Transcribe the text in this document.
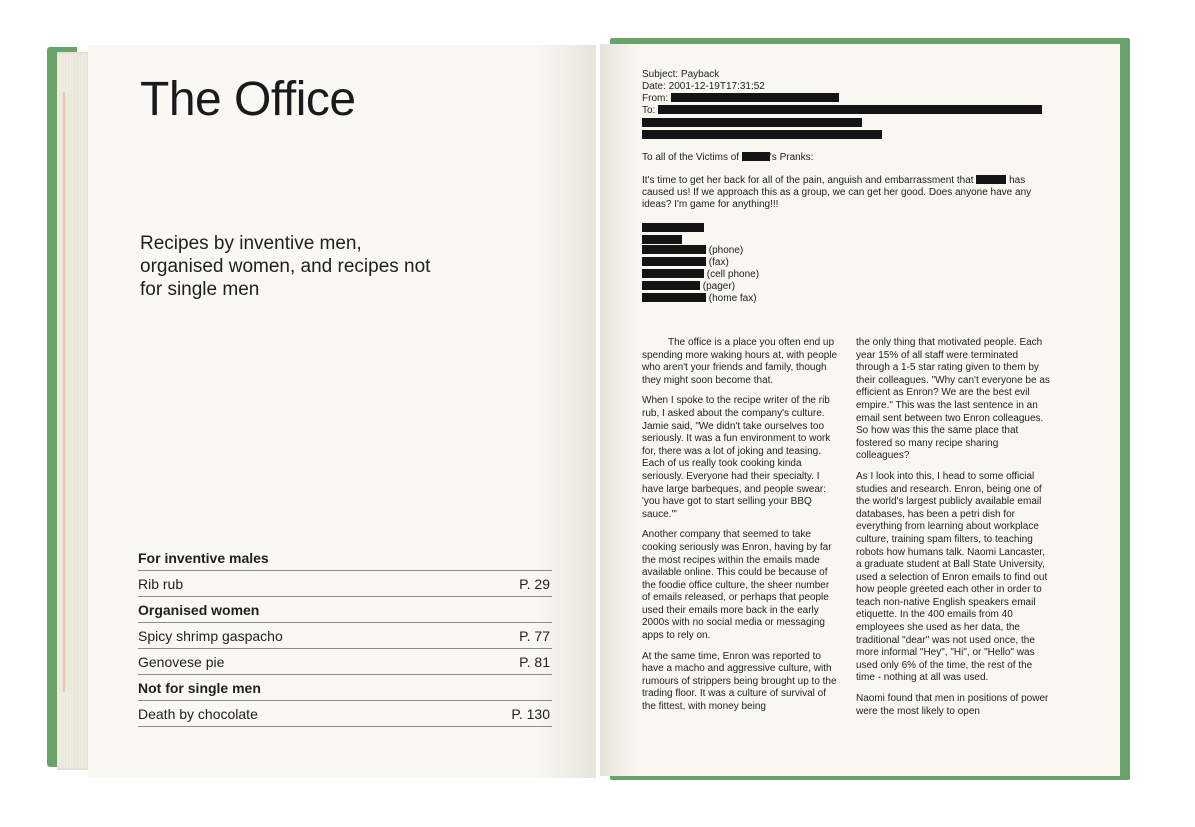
The Office

Recipes by inventive men, organised women, and recipes not for single men

For inventive males
Rib rub	P. 29
Organised women
Spicy shrimp gaspacho	P. 77
Genovese pie	P. 81
Not for single men
Death by chocolate	P. 130

Subject: Payback

Date: 2001-12-19T17:31:52

From:

To:

To all of the Victims of	's Pranks:

It's time to get her back for all of the pain, anguish and embarrassment that	has caused us! If we approach this as a group, we can get her good. Does anyone have any ideas? I'm game for anything!!!

(phone)
(fax)
(cell phone)
(pager)
(home fax)

The office is a place you often end up spending more waking hours at, with people who aren't your friends and family, though they might soon become that.

When I spoke to the recipe writer of the rib rub, I asked about the company's culture. Jamie said, "We didn't take ourselves too seriously. It was a fun environment to work for, there was a lot of joking and teasing. Each of us really took cooking kinda seriously. Everyone had their specialty. I have large barbeques, and people swear: 'you have got to start selling your BBQ sauce.'"

Another company that seemed to take cooking seriously was Enron, having by far the most recipes within the emails made available online. This could be because of the foodie office culture, the sheer number of emails released, or perhaps that people used their emails more back in the early 2000s with no social media or messaging apps to rely on.

At the same time, Enron was reported to have a macho and aggressive culture, with rumours of strippers being brought up to the trading floor. It was a culture of survival of the fittest, with money being

the only thing that motivated people. Each year 15% of all staff were terminated through a 1-5 star rating given to them by their colleagues. "Why can't everyone be as efficient as Enron? We are the best evil empire." This was the last sentence in an email sent between two Enron colleagues. So how was this the same place that fostered so many recipe sharing colleagues?

As I look into this, I head to some official studies and research. Enron, being one of the world's largest publicly available email databases, has been a petri dish for everything from learning about workplace culture, training spam filters, to teaching robots how humans talk. Naomi Lancaster, a graduate student at Ball State University, used a selection of Enron emails to find out how people greeted each other in order to teach non-native English speakers email etiquette. In the 400 emails from 40 employees she used as her data, the traditional "dear" was not used once, the more informal "Hey", "Hi", or "Hello" was used only 6% of the time, the rest of the time - nothing at all was used.

Naomi found that men in positions of power were the most likely to open
